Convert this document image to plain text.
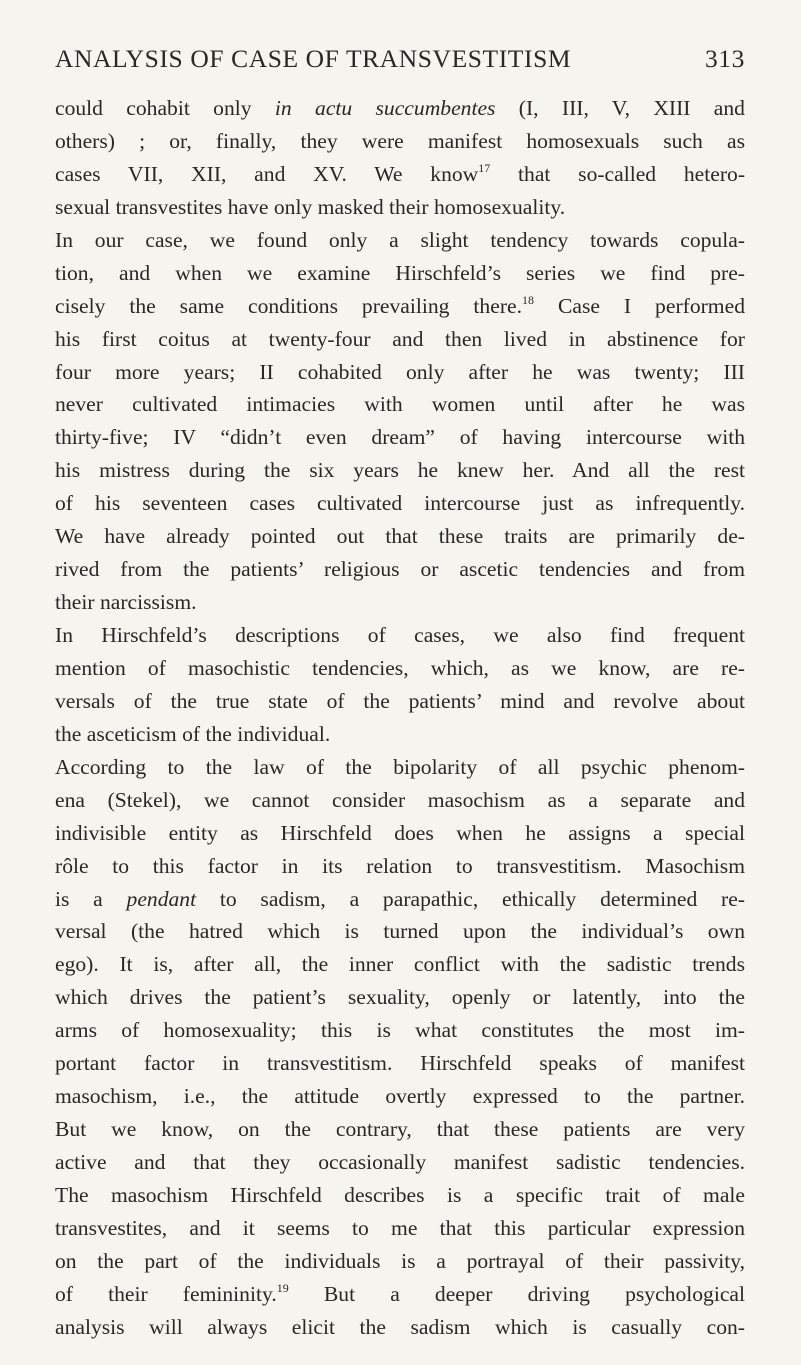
ANALYSIS OF CASE OF TRANSVESTITISM	313
could cohabit only in actu succumbentes (I, III, V, XIII and
others) ; or, finally, they were manifest homosexuals such as
cases VII, XII, and XV. We know$^{17}$ that so-called hetero-
sexual transvestites have only masked their homosexuality.
In our case, we found only a slight tendency towards copula-
tion, and when we examine Hirschfeld’s series we find pre-
cisely the same conditions prevailing there.$^{18}$ Case I performed
his first coitus at twenty-four and then lived in abstinence for
four more years; II cohabited only after he was twenty; III
never cultivated intimacies with women until after he was
thirty-five; IV “didn’t even dream” of having intercourse with
his mistress during the six years he knew her. And all the rest
of his seventeen cases cultivated intercourse just as infrequently.
We have already pointed out that these traits are primarily de-
rived from the patients’ religious or ascetic tendencies and from
their narcissism.
In Hirschfeld’s descriptions of cases, we also find frequent
mention of masochistic tendencies, which, as we know, are re-
versals of the true state of the patients’ mind and revolve about
the asceticism of the individual.
According to the law of the bipolarity of all psychic phenom-
ena (Stekel), we cannot consider masochism as a separate and
indivisible entity as Hirschfeld does when he assigns a special
rôle to this factor in its relation to transvestitism. Masochism
is a pendant to sadism, a parapathic, ethically determined re-
versal (the hatred which is turned upon the individual’s own
ego). It is, after all, the inner conflict with the sadistic trends
which drives the patient’s sexuality, openly or latently, into the
arms of homosexuality; this is what constitutes the most im-
portant factor in transvestitism. Hirschfeld speaks of manifest
masochism, i.e., the attitude overtly expressed to the partner.
But we know, on the contrary, that these patients are very
active and that they occasionally manifest sadistic tendencies.
The masochism Hirschfeld describes is a specific trait of male
transvestites, and it seems to me that this particular expression
on the part of the individuals is a portrayal of their passivity,
of their femininity.$^{19}$ But a deeper driving psychological
analysis will always elicit the sadism which is casually con-
